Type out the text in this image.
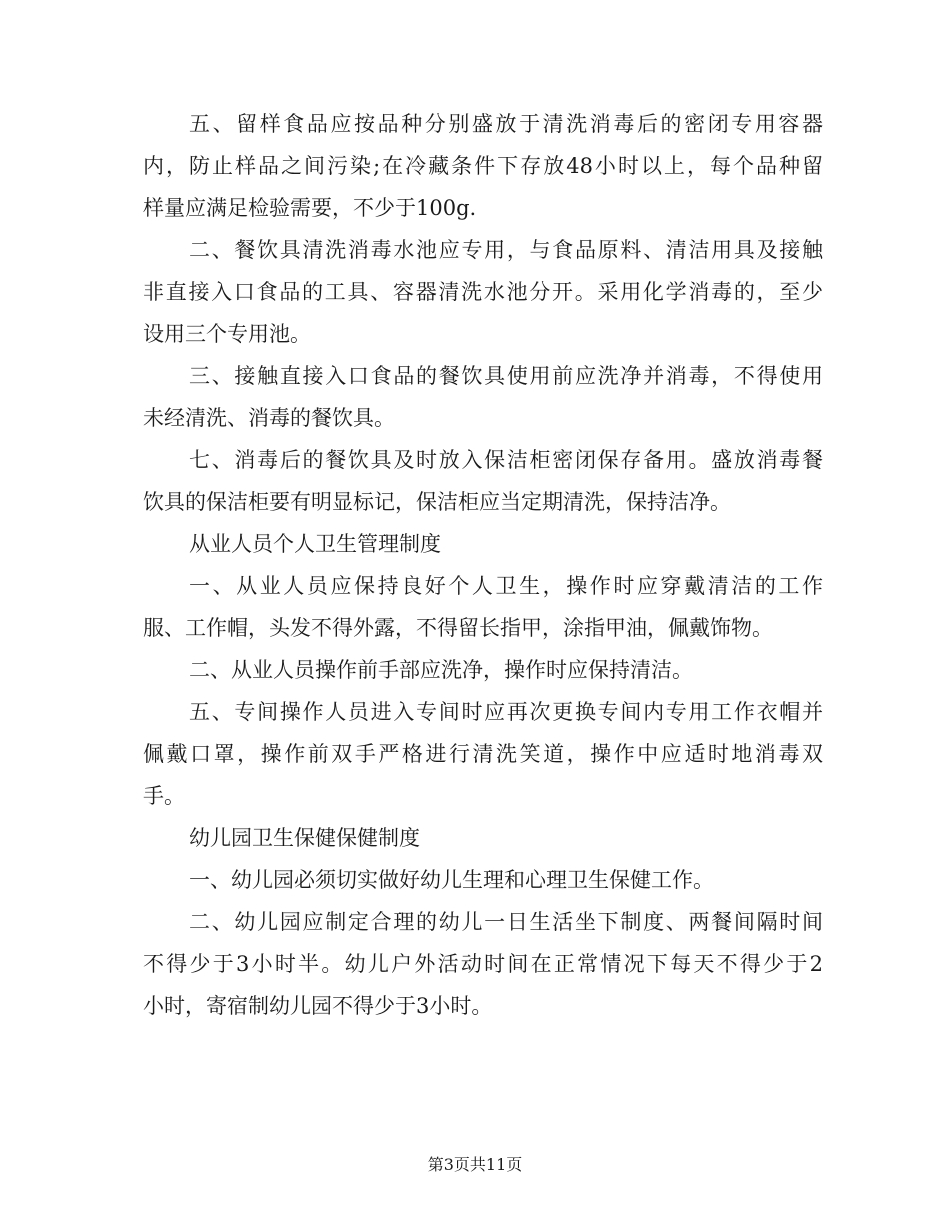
五、留样食品应按品种分别盛放于清洗消毒后的密闭专用容器
内，防止样品之间污染;在冷藏条件下存放48小时以上，每个品种留
样量应满足检验需要，不少于100g.
二、餐饮具清洗消毒水池应专用，与食品原料、清洁用具及接触
非直接入口食品的工具、容器清洗水池分开。采用化学消毒的，至少
设用三个专用池。
三、接触直接入口食品的餐饮具使用前应洗净并消毒，不得使用
未经清洗、消毒的餐饮具。
七、消毒后的餐饮具及时放入保洁柜密闭保存备用。盛放消毒餐
饮具的保洁柜要有明显标记，保洁柜应当定期清洗，保持洁净。
从业人员个人卫生管理制度
一、从业人员应保持良好个人卫生，操作时应穿戴清洁的工作
服、工作帽，头发不得外露，不得留长指甲，涂指甲油，佩戴饰物。
二、从业人员操作前手部应洗净，操作时应保持清洁。
五、专间操作人员进入专间时应再次更换专间内专用工作衣帽并
佩戴口罩，操作前双手严格进行清洗笑道，操作中应适时地消毒双
手。
幼儿园卫生保健保健制度
一、幼儿园必须切实做好幼儿生理和心理卫生保健工作。
二、幼儿园应制定合理的幼儿一日生活坐下制度、两餐间隔时间
不得少于3小时半。幼儿户外活动时间在正常情况下每天不得少于2
小时，寄宿制幼儿园不得少于3小时。
第3页共11页
